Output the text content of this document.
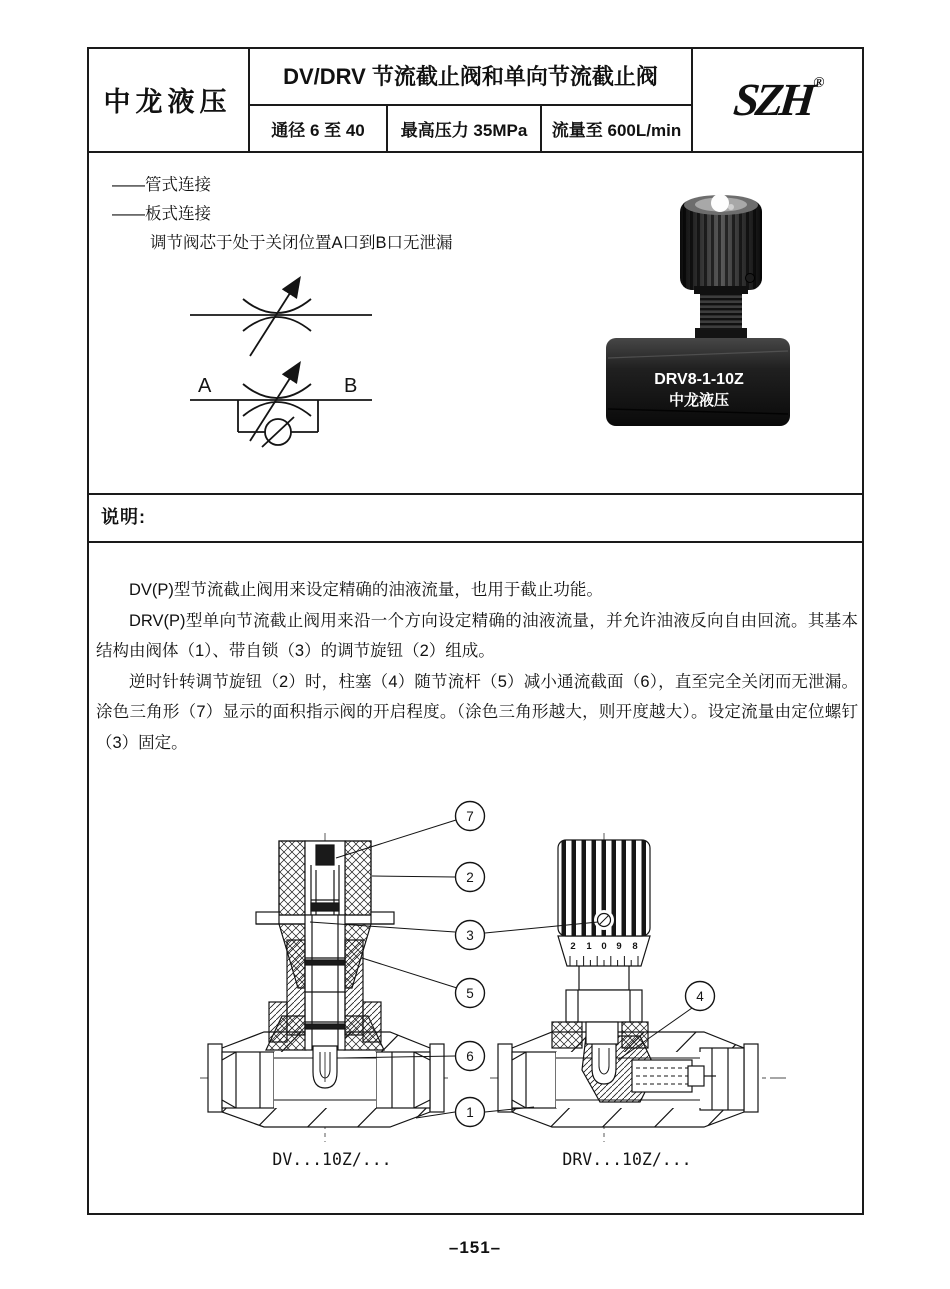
中龙液压
DV/DRV 节流截止阀和单向节流截止阀
通径 6 至 40 最高压力 35MPa 流量至 600L/min
SZH®
——管式连接
——板式连接
调节阀芯于处于关闭位置A口到B口无泄漏
A	B	DRV8-1-10Z
中龙液压
说明:

DV(P)型节流截止阀用来设定精确的油液流量，也用于截止功能。

DRV(P)型单向节流截止阀用来沿一个方向设定精确的油液流量，并允许油液反向自由回流。其基本结构由阀体（1）、带自锁（3）的调节旋钮（2）组成。

逆时针转调节旋钮（2）时，柱塞（4）随节流杆（5）减小通流截面（6），直至完全关闭而无泄漏。涂色三角形（7）显示的面积指示阀的开启程度。（涂色三角形越大，则开度越大）。设定流量由定位螺钉（3）固定。

2 1 0 9 8
7
2
3
5
6
1
4
DV...10Z/...	DRV...10Z/...
–151–
